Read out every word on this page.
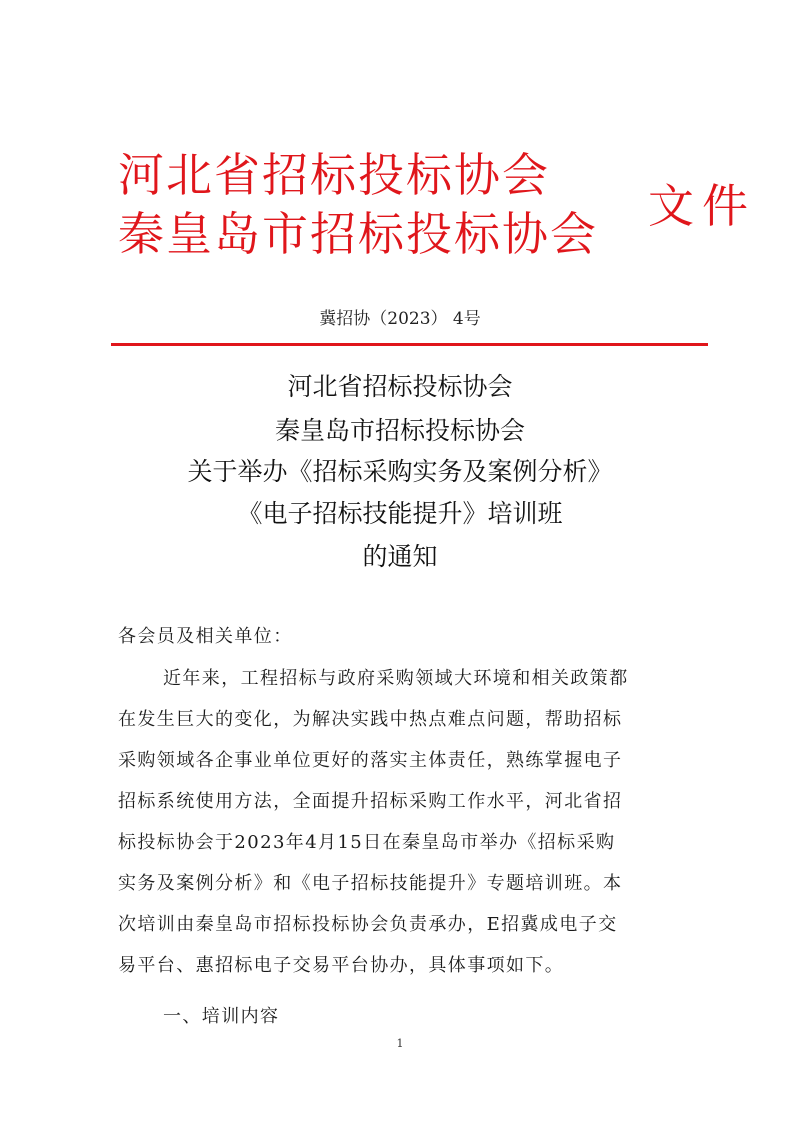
河北省招标投标协会
秦皇岛市招标投标协会
文件
冀招协（2023） 4号
河北省招标投标协会
秦皇岛市招标投标协会
关于举办《招标采购实务及案例分析》
《电子招标技能提升》培训班
的通知
各会员及相关单位：
近年来，工程招标与政府采购领域大环境和相关政策都
在发生巨大的变化，为解决实践中热点难点问题，帮助招标
采购领域各企事业单位更好的落实主体责任，熟练掌握电子
招标系统使用方法，全面提升招标采购工作水平，河北省招
标投标协会于2023年4月15日在秦皇岛市举办《招标采购
实务及案例分析》和《电子招标技能提升》专题培训班。本
次培训由秦皇岛市招标投标协会负责承办，E招冀成电子交
易平台、惠招标电子交易平台协办，具体事项如下。
一、培训内容
1
